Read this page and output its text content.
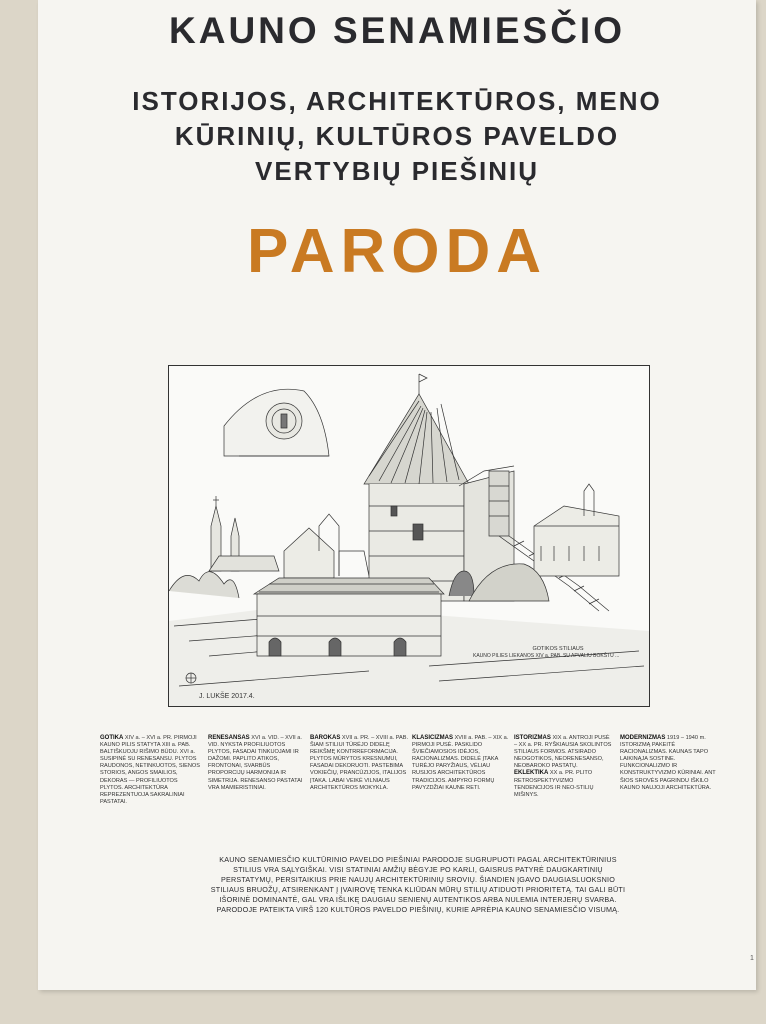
KAUNO SENAMIESČIO
ISTORIJOS, ARCHITEKTŪROS, MENO
KŪRINIŲ, KULTŪROS PAVELDO
VERTYBIŲ PIEŠINIŲ
PARODA
GOTIKOS STILIAUS
KAUNO PILIES LIEKANOS XIV a. PAB. SU APVALIU BOKŠTU ...
J. LUKŠE 2017.4.
GOTIKA XIV a. – XVI a. PR. PIRMOJI KAUNO PILIS STATYTA XIII a. PAB. BALTIŠKUOJU RIŠIMO BŪDU. XVI a. SUSIPINĖ SU RENESANSU. PLYTOS RAUDONOS, NETINKUOTOS, SIENOS STORIOS, ANGOS SMAILIOS, DEKORAS — PROFILIUOTOS PLYTOS. ARCHITEKTŪRA REPREZENTUOJA SAKRALINIAI PASTATAI.
RENESANSAS XVI a. VID. – XVII a. VID. NYKSTA PROFILIUOTOS PLYTOS, FASADAI TINKUOJAMI IR DAŽOMI. PAPLITO ATIKOS, FRONTONAI, SVARBŪS PROPORCIJŲ HARMONIJA IR SIMETRIJA. RENESANSO PASTATAI VRA MAMIERISTINIAI.
BAROKAS XVII a. PR. – XVIII a. PAB. ŠIAM STILIUI TŪRĖJO DIDELĘ REIKŠMĘ KONTRREFORMACIJA. PLYTOS MŪRYTOS KRESNUMUI, FASADAI DEKORUOTI. PASTEBIMA VOKIEČIŲ, PRANCŪZIJOS, ITALIJOS ĮTAKA. LABAI VEIKĖ VILNIAUS ARCHITEKTŪROS MOKYKLA.
KLASICIZMAS XVIII a. PAB. – XIX a. PIRMOJI PUSĖ. PASKLIDO ŠVIEČIAMOSIOS IDĖJOS, RACIONALIZMAS. DIDELĖ ĮTAKA TURĖJO PARYŽIAUS, VĖLIAU RUSIJOS ARCHITEKTŪROS TRADICIJOS. AMPYRO FORMŲ PAVYZDŽIAI KAUNE RETI.
ISTORIZMAS XIX a. ANTROJI PUSĖ – XX a. PR. RYŠKIAUSIA SKOLINTOS STILIAUS FORMOS. ATSIRADO NEOGOTIKOS, NEORENESANSO, NEOBAROKO PASTATŲ.
EKLEKTIKA XX a. PR. PLITO RETROSPEKTYVIZMO TENDENCIJOS IR NEO-STILIŲ MIŠINYS.
MODERNIZMAS 1919 – 1940 m. ISTORIZMĄ PAKEITĖ RACIONALIZMAS. KAUNAS TAPO LAIKINĄJA SOSTINE. FUNKCIONALIZMO IR KONSTRUKTYVIZMO KŪRINIAI. ANT ŠIOS SROVĖS PAGRINDU IŠKILO KAUNO NAUJOJI ARCHITEKTŪRA.
KAUNO SENAMIESČIO KULTŪRINIO PAVELDO PIEŠINIAI PARODOJE SUGRUPUOTI PAGAL ARCHITEKTŪRINIUS STILIUS VRA SĄLYGIŠKAI. VISI STATINIAI AMŽIŲ BĖGYJE PO KARLI, GAISRUS PATYRĖ DAUGKARTINIŲ PERSTATYMŲ, PERSITAIKIUS PRIE NAUJŲ ARCHITEKTŪRINIŲ SROVIŲ. ŠIANDIEN ĮGAVO DAUGIASLUOKSNIO STILIAUS BRUOŽŲ, ATSIRENKANT Į ĮVAIROVĘ TENKA KLIŪDAN MŪRŲ STILIŲ ATIDUOTI PRIORITETĄ. TAI GALI BŪTI IŠORINĖ DOMINANTĖ, GAL VRA IŠLIKĘ DAUGIAU SENIENŲ AUTENTIKOS ARBA NULEMIA INTERJERŲ SVARBA. PARODOJE PATEIKTA VIRŠ 120 KULTŪROS PAVELDO PIEŠINIŲ, KURIE APRĖPIA KAUNO SENAMIESČIO VISUMĄ.
1
